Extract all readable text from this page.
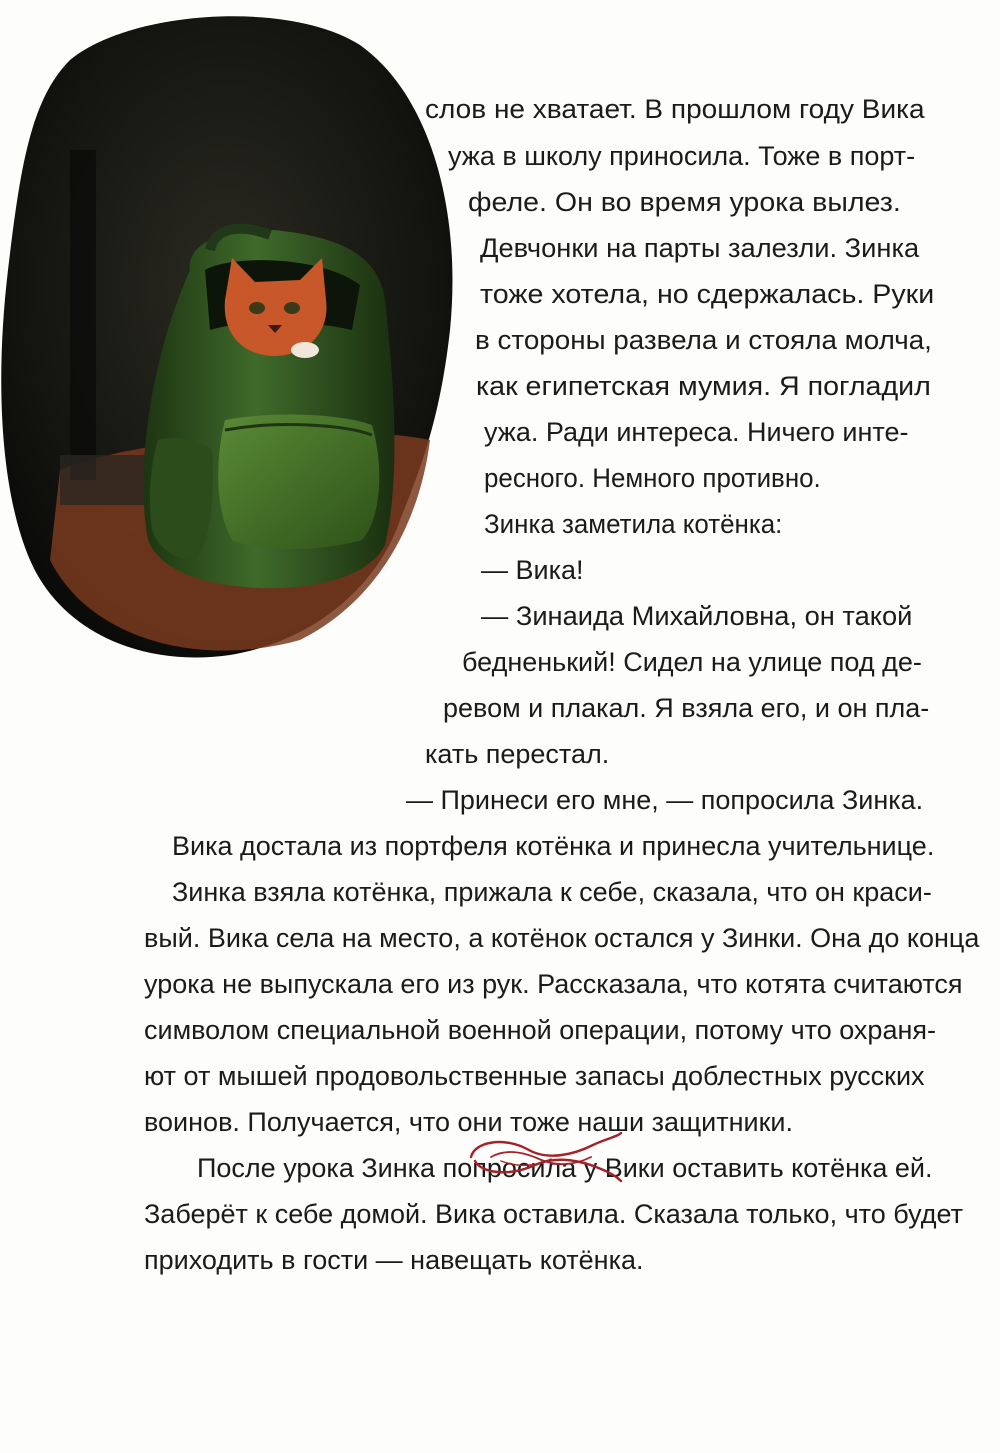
слов не хватает. В прошлом году Вика

ужа в школу приносила. Тоже в порт-

феле. Он во время урока вылез.

Девчонки на парты залезли. Зинка

тоже хотела, но сдержалась. Руки

в стороны развела и стояла молча,

как египетская мумия. Я погладил

ужа. Ради интереса. Ничего инте-

ресного. Немного противно.

Зинка заметила котёнка:

— Вика!

— Зинаида Михайловна, он такой

бедненький! Сидел на улице под де-

ревом и плакал. Я взяла его, и он пла-

кать перестал.

— Принеси его мне, — попросила Зинка.

Вика достала из портфеля котёнка и принесла учительнице.

Зинка взяла котёнка, прижала к себе, сказала, что он краси-

вый. Вика села на место, а котёнок остался у Зинки. Она до конца

урока не выпускала его из рук. Рассказала, что котята считаются

символом специальной военной операции, потому что охраня-

ют от мышей продовольственные запасы доблестных русских

воинов. Получается, что они тоже наши защитники.

После урока Зинка попросила у Вики оставить котёнка ей.

Заберёт к себе домой. Вика оставила. Сказала только, что будет

приходить в гости — навещать котёнка.
